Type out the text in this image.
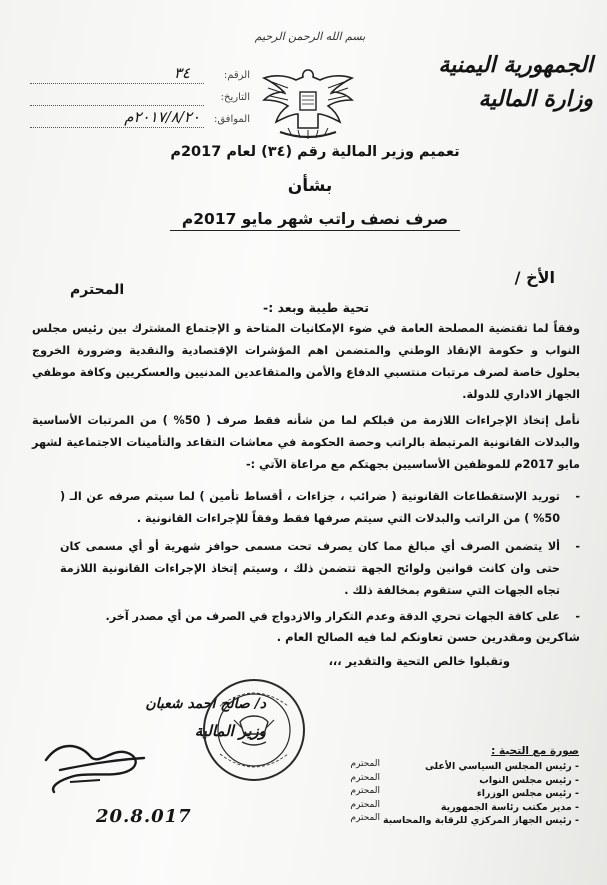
بسم الله الرحمن الرحيم
الجمهورية اليمنية
وزارة المالية
الرقم:
٣٤
التاريخ:
الموافق:
٢٠١٧/٨/٢٠م
تعميم وزير المالية رقم (٣٤) لعام 2017م
بشأن
صرف نصف راتب شهر مايو 2017م
الأخ /
المحترم
تحية طيبة وبعد :-
وفقاً لما تقتضية المصلحة العامة في ضوء الإمكانيات المتاحة و الإجتماع المشترك بين رئيس مجلس النواب و حكومة الإنقاذ الوطني والمتضمن اهم المؤشرات الإقتصادية والنقدية وضرورة الخروج بحلول خاصة لصرف مرتبات منتسبي الدفاع والأمن والمتقاعدين المدنيين والعسكريين وكافة موظفي الجهاز الاداري للدولة.
نأمل إتخاذ الإجراءات اللازمة من قبلكم لما من شأنه فقط صرف ( 50% ) من المرتبات الأساسية والبدلات القانونية المرتبطة بالراتب وحصة الحكومة في معاشات التقاعد والتأمينات الاجتماعية لشهر مايو 2017م للموظفين الأساسيين بجهتكم مع مراعاة الآتي :-
-
توريد الإستقطاعات القانونية ( ضرائب ، جزاءات ، أقساط تأمين ) لما سيتم صرفه عن الـ ( 50% ) من الراتب والبدلات التي سيتم صرفها فقط وفقاً للإجراءات القانونية .
-
ألا يتضمن الصرف أي مبالغ مما كان يصرف تحت مسمى حوافز شهرية أو أي مسمى كان حتى وان كانت قوانين ولوائح الجهة تتضمن ذلك ، وسيتم إتخاذ الإجراءات القانونية اللازمة تجاه الجهات التي ستقوم بمخالفة ذلك .
-
على كافة الجهات تحري الدقة وعدم التكرار والازدواج في الصرف من أي مصدر آخر.
شاكرين ومقدرين حسن تعاونكم لما فيه الصالح العام .
وتقبلوا خالص التحية والتقدير ،،،
د/ صالح احمد شعبان
وزير المالية
20.8.017
صورة مع التحية :
- رئيس المجلس السياسي الأعلى
- رئيس مجلس النواب
- رئيس مجلس الوزراء
- مدير مكتب رئاسة الجمهورية
- رئيس الجهاز المركزي للرقابة والمحاسبة
المحترم
المحترم
المحترم
المحترم
المحترم
